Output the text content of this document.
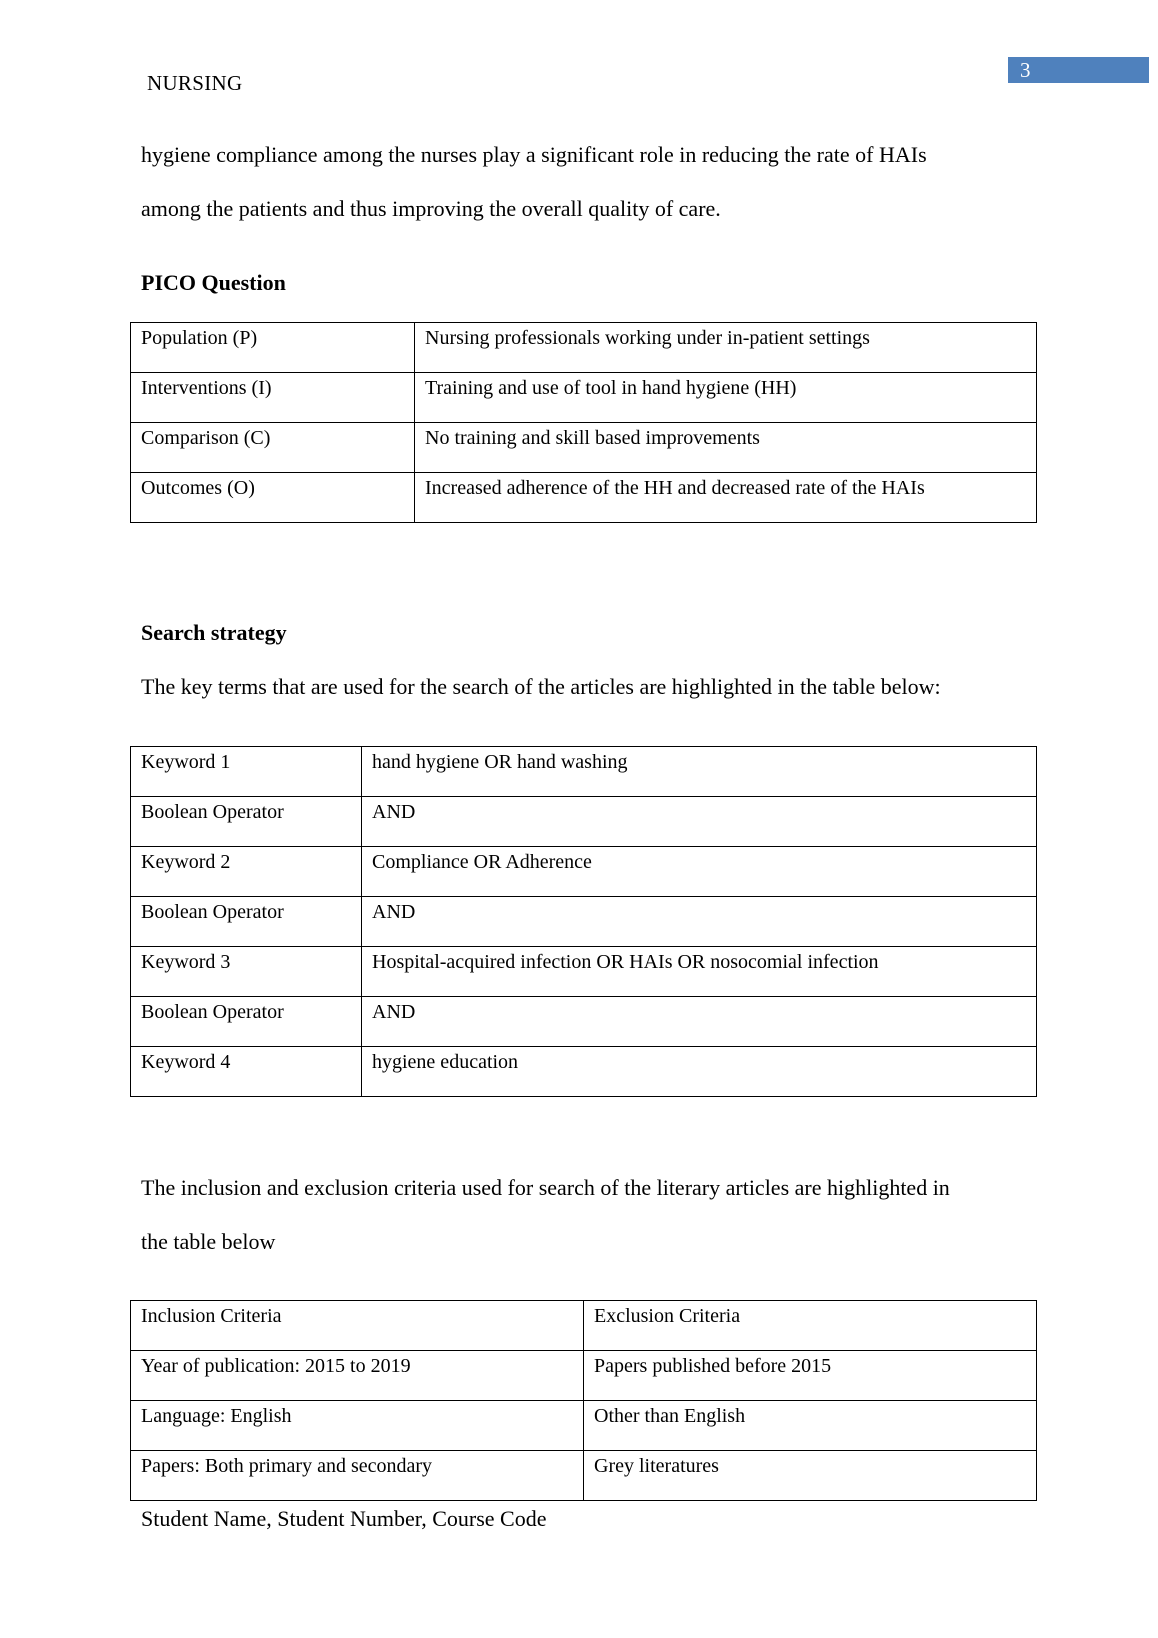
NURSING
3
hygiene compliance among the nurses play a significant role in reducing the rate of HAIs
among the patients and thus improving the overall quality of care.
PICO Question
Population (P)	Nursing professionals working under in-patient settings
Interventions (I)	Training and use of tool in hand hygiene (HH)
Comparison (C)	No training and skill based improvements
Outcomes (O)	Increased adherence of the HH and decreased rate of the HAIs
Search strategy
The key terms that are used for the search of the articles are highlighted in the table below:
Keyword 1	hand hygiene OR hand washing
Boolean Operator	AND
Keyword 2	Compliance OR Adherence
Boolean Operator	AND
Keyword 3	Hospital-acquired infection OR HAIs OR nosocomial infection
Boolean Operator	AND
Keyword 4	hygiene education
The inclusion and exclusion criteria used for search of the literary articles are highlighted in
the table below
Inclusion Criteria	Exclusion Criteria
Year of publication: 2015 to 2019	Papers published before 2015
Language: English	Other than English
Papers: Both primary and secondary	Grey literatures
Student Name, Student Number, Course Code
